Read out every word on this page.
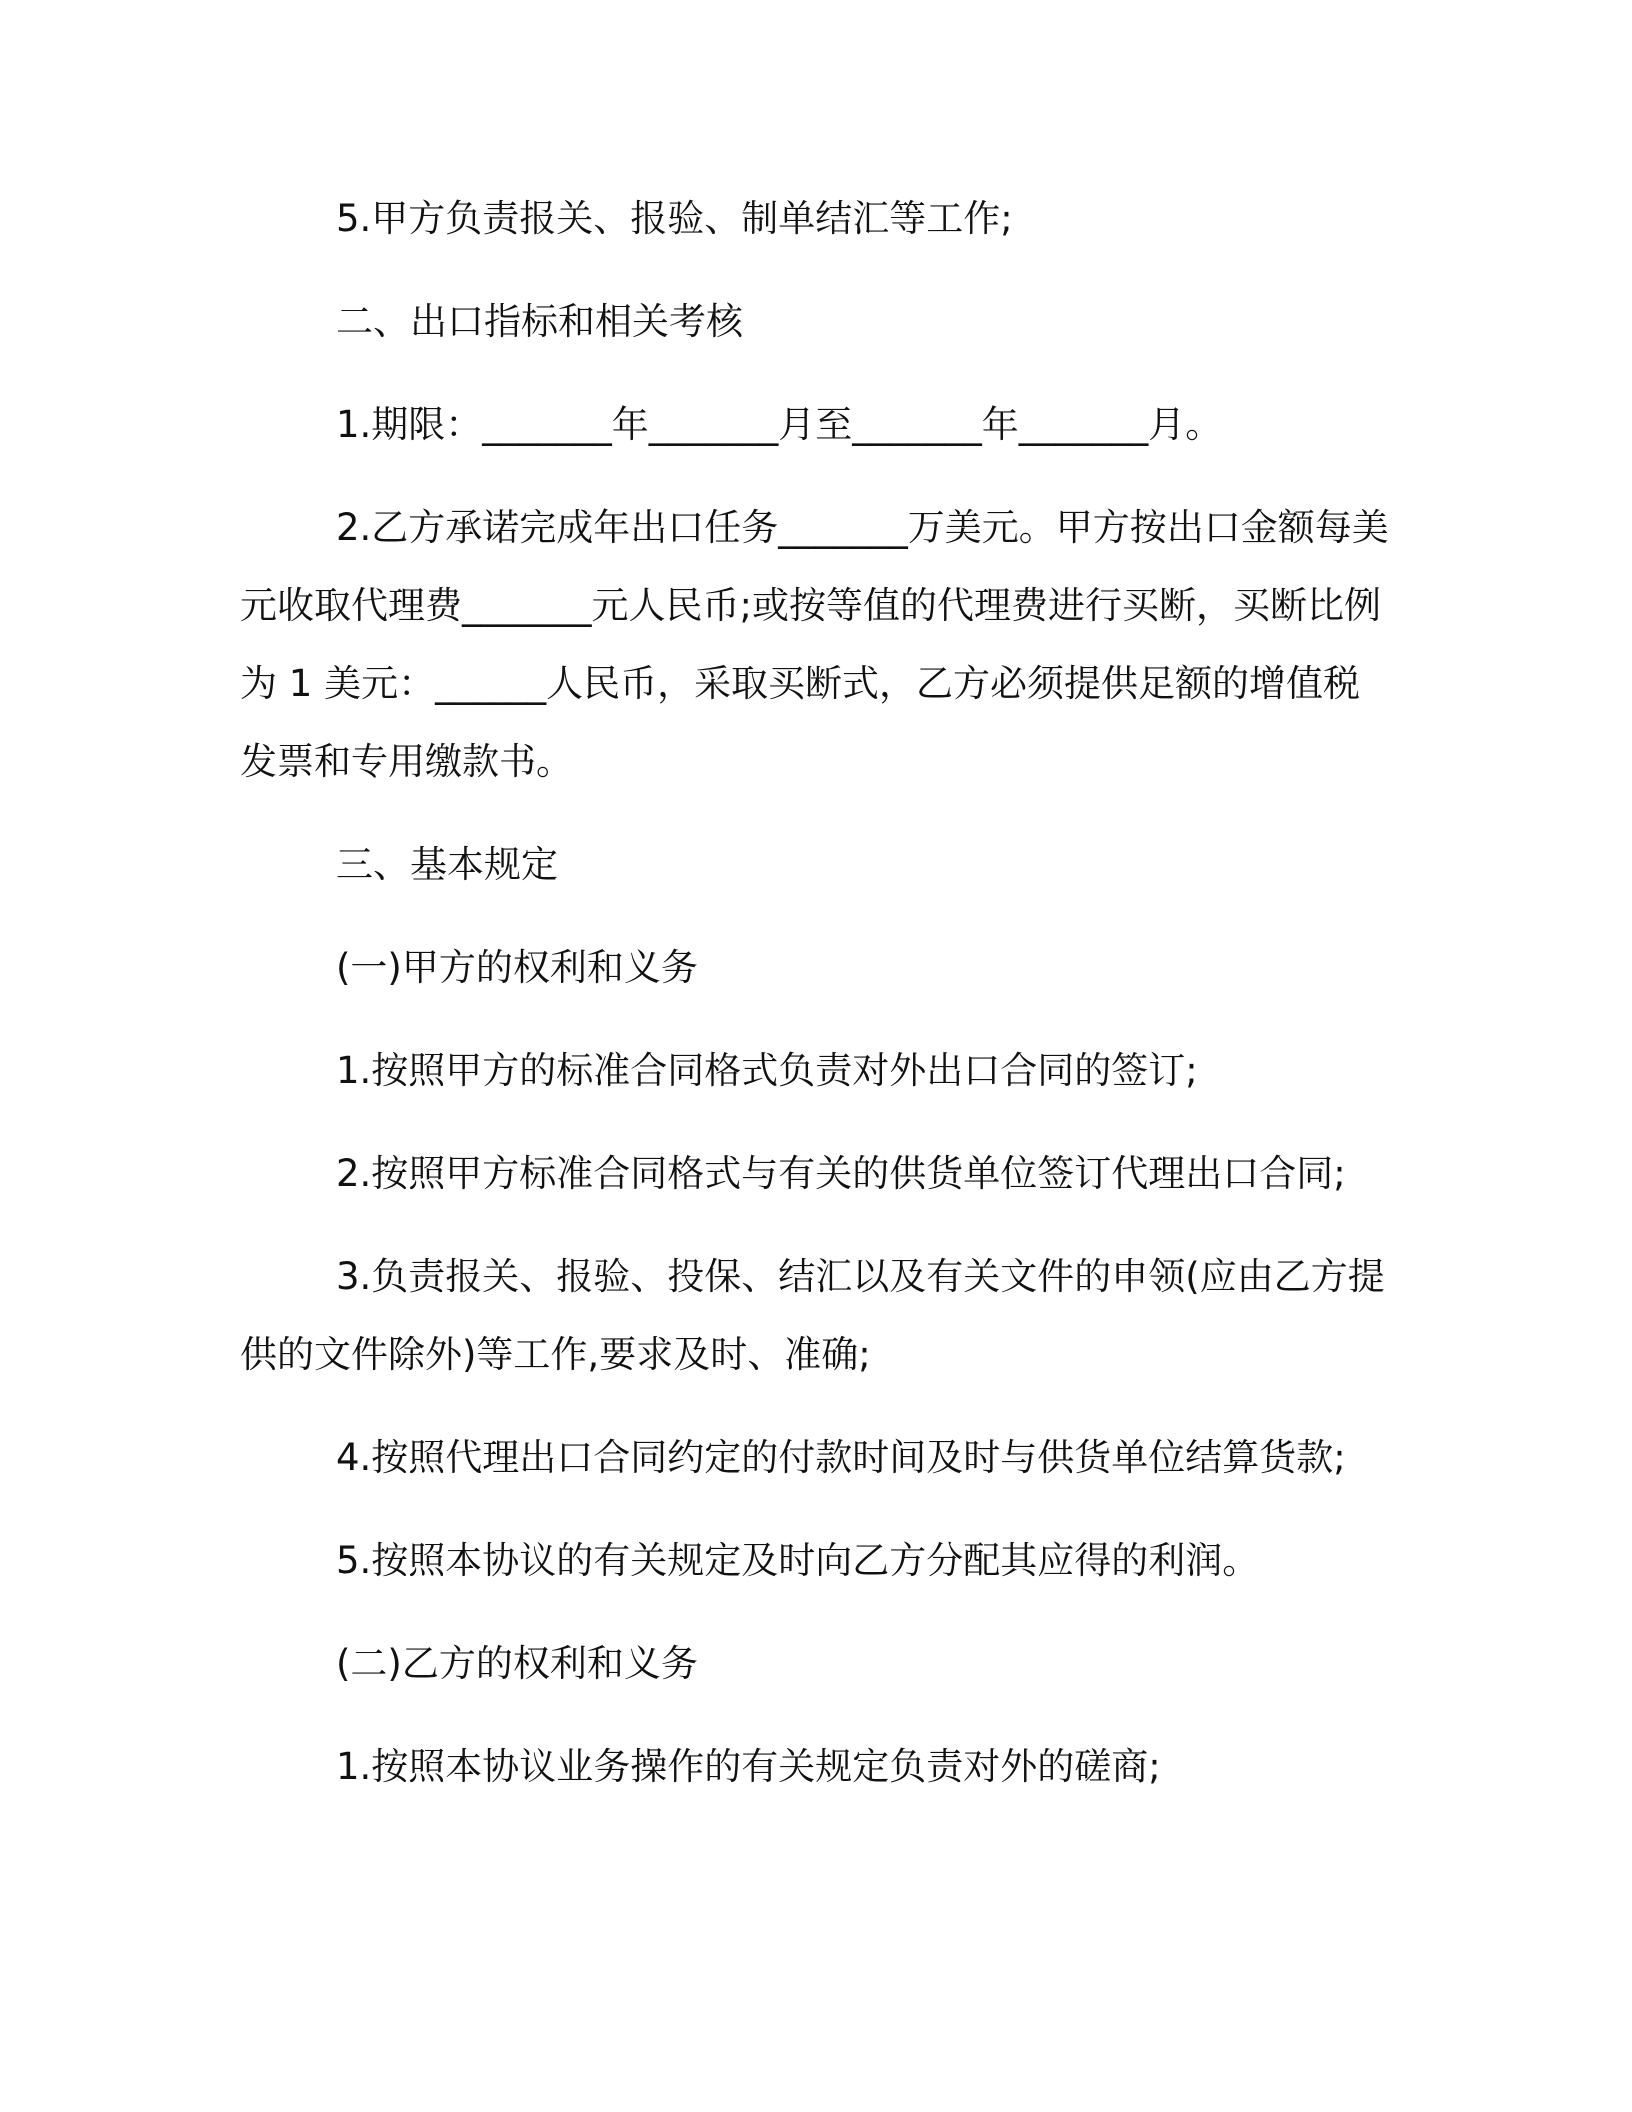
5.甲方负责报关、报验、制单结汇等工作;

二、出口指标和相关考核

1.期限：_______年_______月至_______年_______月。

2.乙方承诺完成年出口任务_______万美元。甲方按出口金额每美元收取代理费_______元人民币;或按等值的代理费进行买断，买断比例为 1 美元：______人民币，采取买断式，乙方必须提供足额的增值税发票和专用缴款书。

三、基本规定

(一)甲方的权利和义务

1.按照甲方的标准合同格式负责对外出口合同的签订;

2.按照甲方标准合同格式与有关的供货单位签订代理出口合同;

3.负责报关、报验、投保、结汇以及有关文件的申领(应由乙方提供的文件除外)等工作,要求及时、准确;

4.按照代理出口合同约定的付款时间及时与供货单位结算货款;

5.按照本协议的有关规定及时向乙方分配其应得的利润。

(二)乙方的权利和义务

1.按照本协议业务操作的有关规定负责对外的磋商;
